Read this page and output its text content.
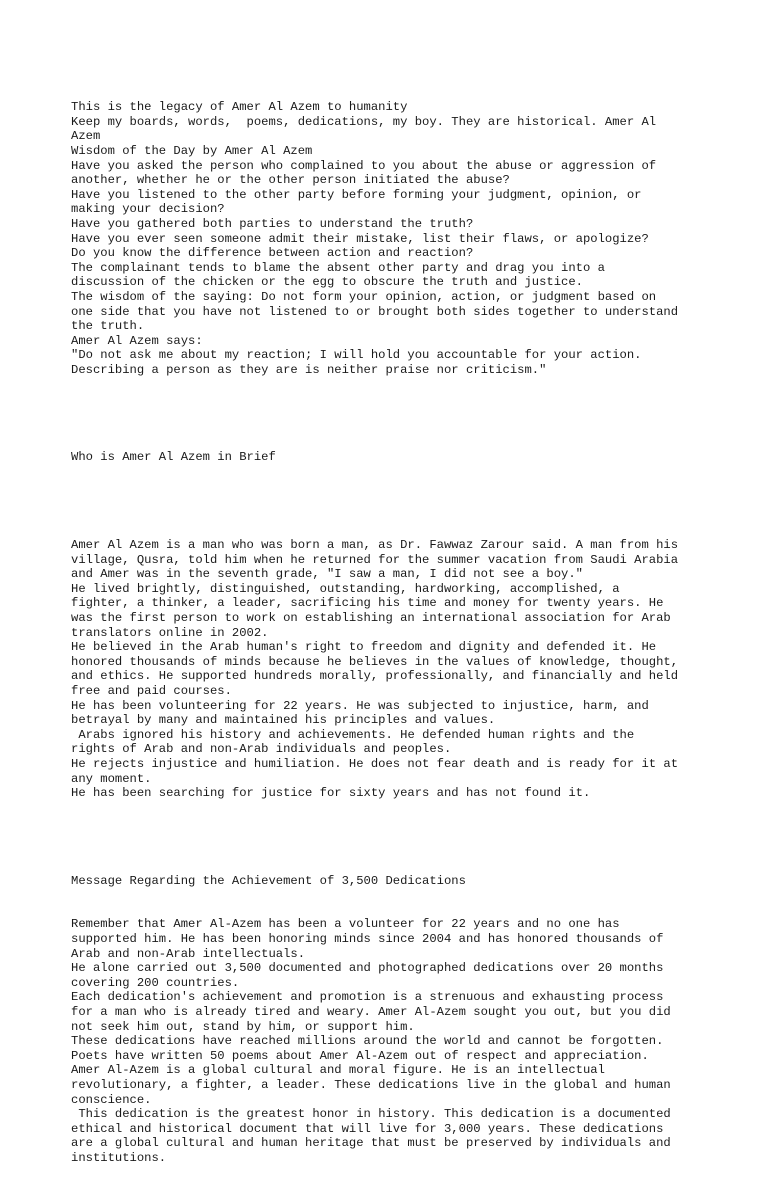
This is the legacy of Amer Al Azem to humanity
Keep my boards, words,  poems, dedications, my boy. They are historical. Amer Al
Azem
Wisdom of the Day by Amer Al Azem
Have you asked the person who complained to you about the abuse or aggression of
another, whether he or the other person initiated the abuse?
Have you listened to the other party before forming your judgment, opinion, or
making your decision?
Have you gathered both parties to understand the truth?
Have you ever seen someone admit their mistake, list their flaws, or apologize?
Do you know the difference between action and reaction?
The complainant tends to blame the absent other party and drag you into a
discussion of the chicken or the egg to obscure the truth and justice.
The wisdom of the saying: Do not form your opinion, action, or judgment based on
one side that you have not listened to or brought both sides together to understand
the truth.
Amer Al Azem says:
"Do not ask me about my reaction; I will hold you accountable for your action.
Describing a person as they are is neither praise nor criticism."

Who is Amer Al Azem in Brief

Amer Al Azem is a man who was born a man, as Dr. Fawwaz Zarour said. A man from his
village, Qusra, told him when he returned for the summer vacation from Saudi Arabia
and Amer was in the seventh grade, "I saw a man, I did not see a boy."
He lived brightly, distinguished, outstanding, hardworking, accomplished, a
fighter, a thinker, a leader, sacrificing his time and money for twenty years. He
was the first person to work on establishing an international association for Arab
translators online in 2002.
He believed in the Arab human's right to freedom and dignity and defended it. He
honored thousands of minds because he believes in the values of knowledge, thought,
and ethics. He supported hundreds morally, professionally, and financially and held
free and paid courses.
He has been volunteering for 22 years. He was subjected to injustice, harm, and
betrayal by many and maintained his principles and values.
Arabs ignored his history and achievements. He defended human rights and the
rights of Arab and non-Arab individuals and peoples.
He rejects injustice and humiliation. He does not fear death and is ready for it at
any moment.
He has been searching for justice for sixty years and has not found it.

Message Regarding the Achievement of 3,500 Dedications

Remember that Amer Al-Azem has been a volunteer for 22 years and no one has
supported him. He has been honoring minds since 2004 and has honored thousands of
Arab and non-Arab intellectuals.
He alone carried out 3,500 documented and photographed dedications over 20 months
covering 200 countries.
Each dedication's achievement and promotion is a strenuous and exhausting process
for a man who is already tired and weary. Amer Al-Azem sought you out, but you did
not seek him out, stand by him, or support him.
These dedications have reached millions around the world and cannot be forgotten.
Poets have written 50 poems about Amer Al-Azem out of respect and appreciation.
Amer Al-Azem is a global cultural and moral figure. He is an intellectual
revolutionary, a fighter, a leader. These dedications live in the global and human
conscience.
This dedication is the greatest honor in history. This dedication is a documented
ethical and historical document that will live for 3,000 years. These dedications
are a global cultural and human heritage that must be preserved by individuals and
institutions.
